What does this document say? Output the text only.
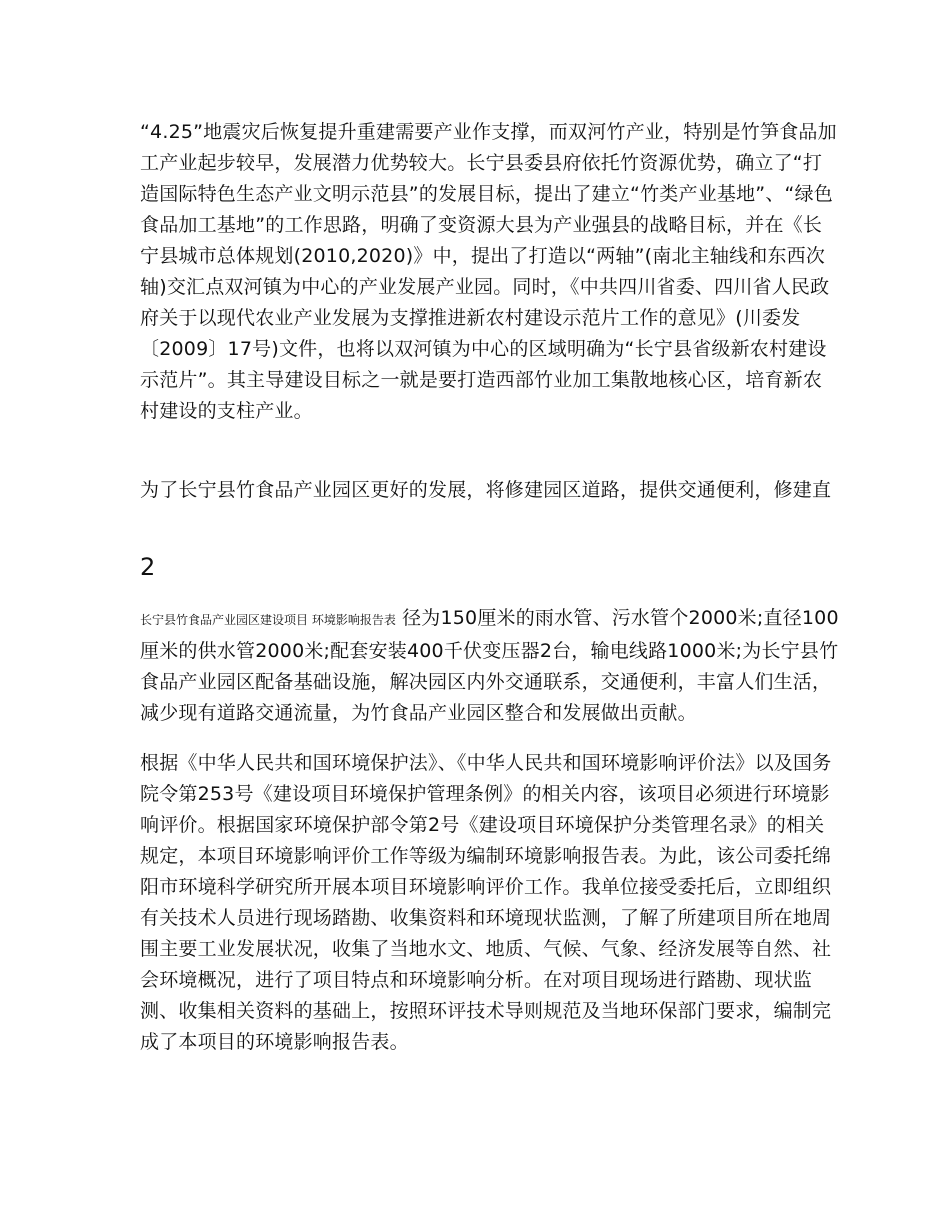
“4.25”地震灾后恢复提升重建需要产业作支撑，而双河竹产业，特别是竹笋食品加工产业起步较早，发展潜力优势较大。长宁县委县府依托竹资源优势，确立了“打造国际特色生态产业文明示范县”的发展目标，提出了建立“竹类产业基地”、“绿色食品加工基地”的工作思路，明确了变资源大县为产业强县的战略目标，并在《长宁县城市总体规划(2010,2020)》中，提出了打造以“两轴”(南北主轴线和东西次轴)交汇点双河镇为中心的产业发展产业园。同时，《中共四川省委、四川省人民政府关于以现代农业产业发展为支撑推进新农村建设示范片工作的意见》(川委发〔2009〕17号)文件，也将以双河镇为中心的区域明确为“长宁县省级新农村建设示范片”。其主导建设目标之一就是要打造西部竹业加工集散地核心区，培育新农村建设的支柱产业。

为了长宁县竹食品产业园区更好的发展，将修建园区道路，提供交通便利，修建直

2

长宁县竹食品产业园区建设项目 环境影响报告表 径为150厘米的雨水管、污水管个2000米;直径100厘米的供水管2000米;配套安装400千伏变压器2台，输电线路1000米;为长宁县竹食品产业园区配备基础设施，解决园区内外交通联系，交通便利，丰富人们生活，减少现有道路交通流量，为竹食品产业园区整合和发展做出贡献。

根据《中华人民共和国环境保护法》、《中华人民共和国环境影响评价法》以及国务院令第253号《建设项目环境保护管理条例》的相关内容，该项目必须进行环境影响评价。根据国家环境保护部令第2号《建设项目环境保护分类管理名录》的相关规定，本项目环境影响评价工作等级为编制环境影响报告表。为此，该公司委托绵阳市环境科学研究所开展本项目环境影响评价工作。我单位接受委托后，立即组织有关技术人员进行现场踏勘、收集资料和环境现状监测，了解了所建项目所在地周围主要工业发展状况，收集了当地水文、地质、气候、气象、经济发展等自然、社会环境概况，进行了项目特点和环境影响分析。在对项目现场进行踏勘、现状监测、收集相关资料的基础上，按照环评技术导则规范及当地环保部门要求，编制完成了本项目的环境影响报告表。
